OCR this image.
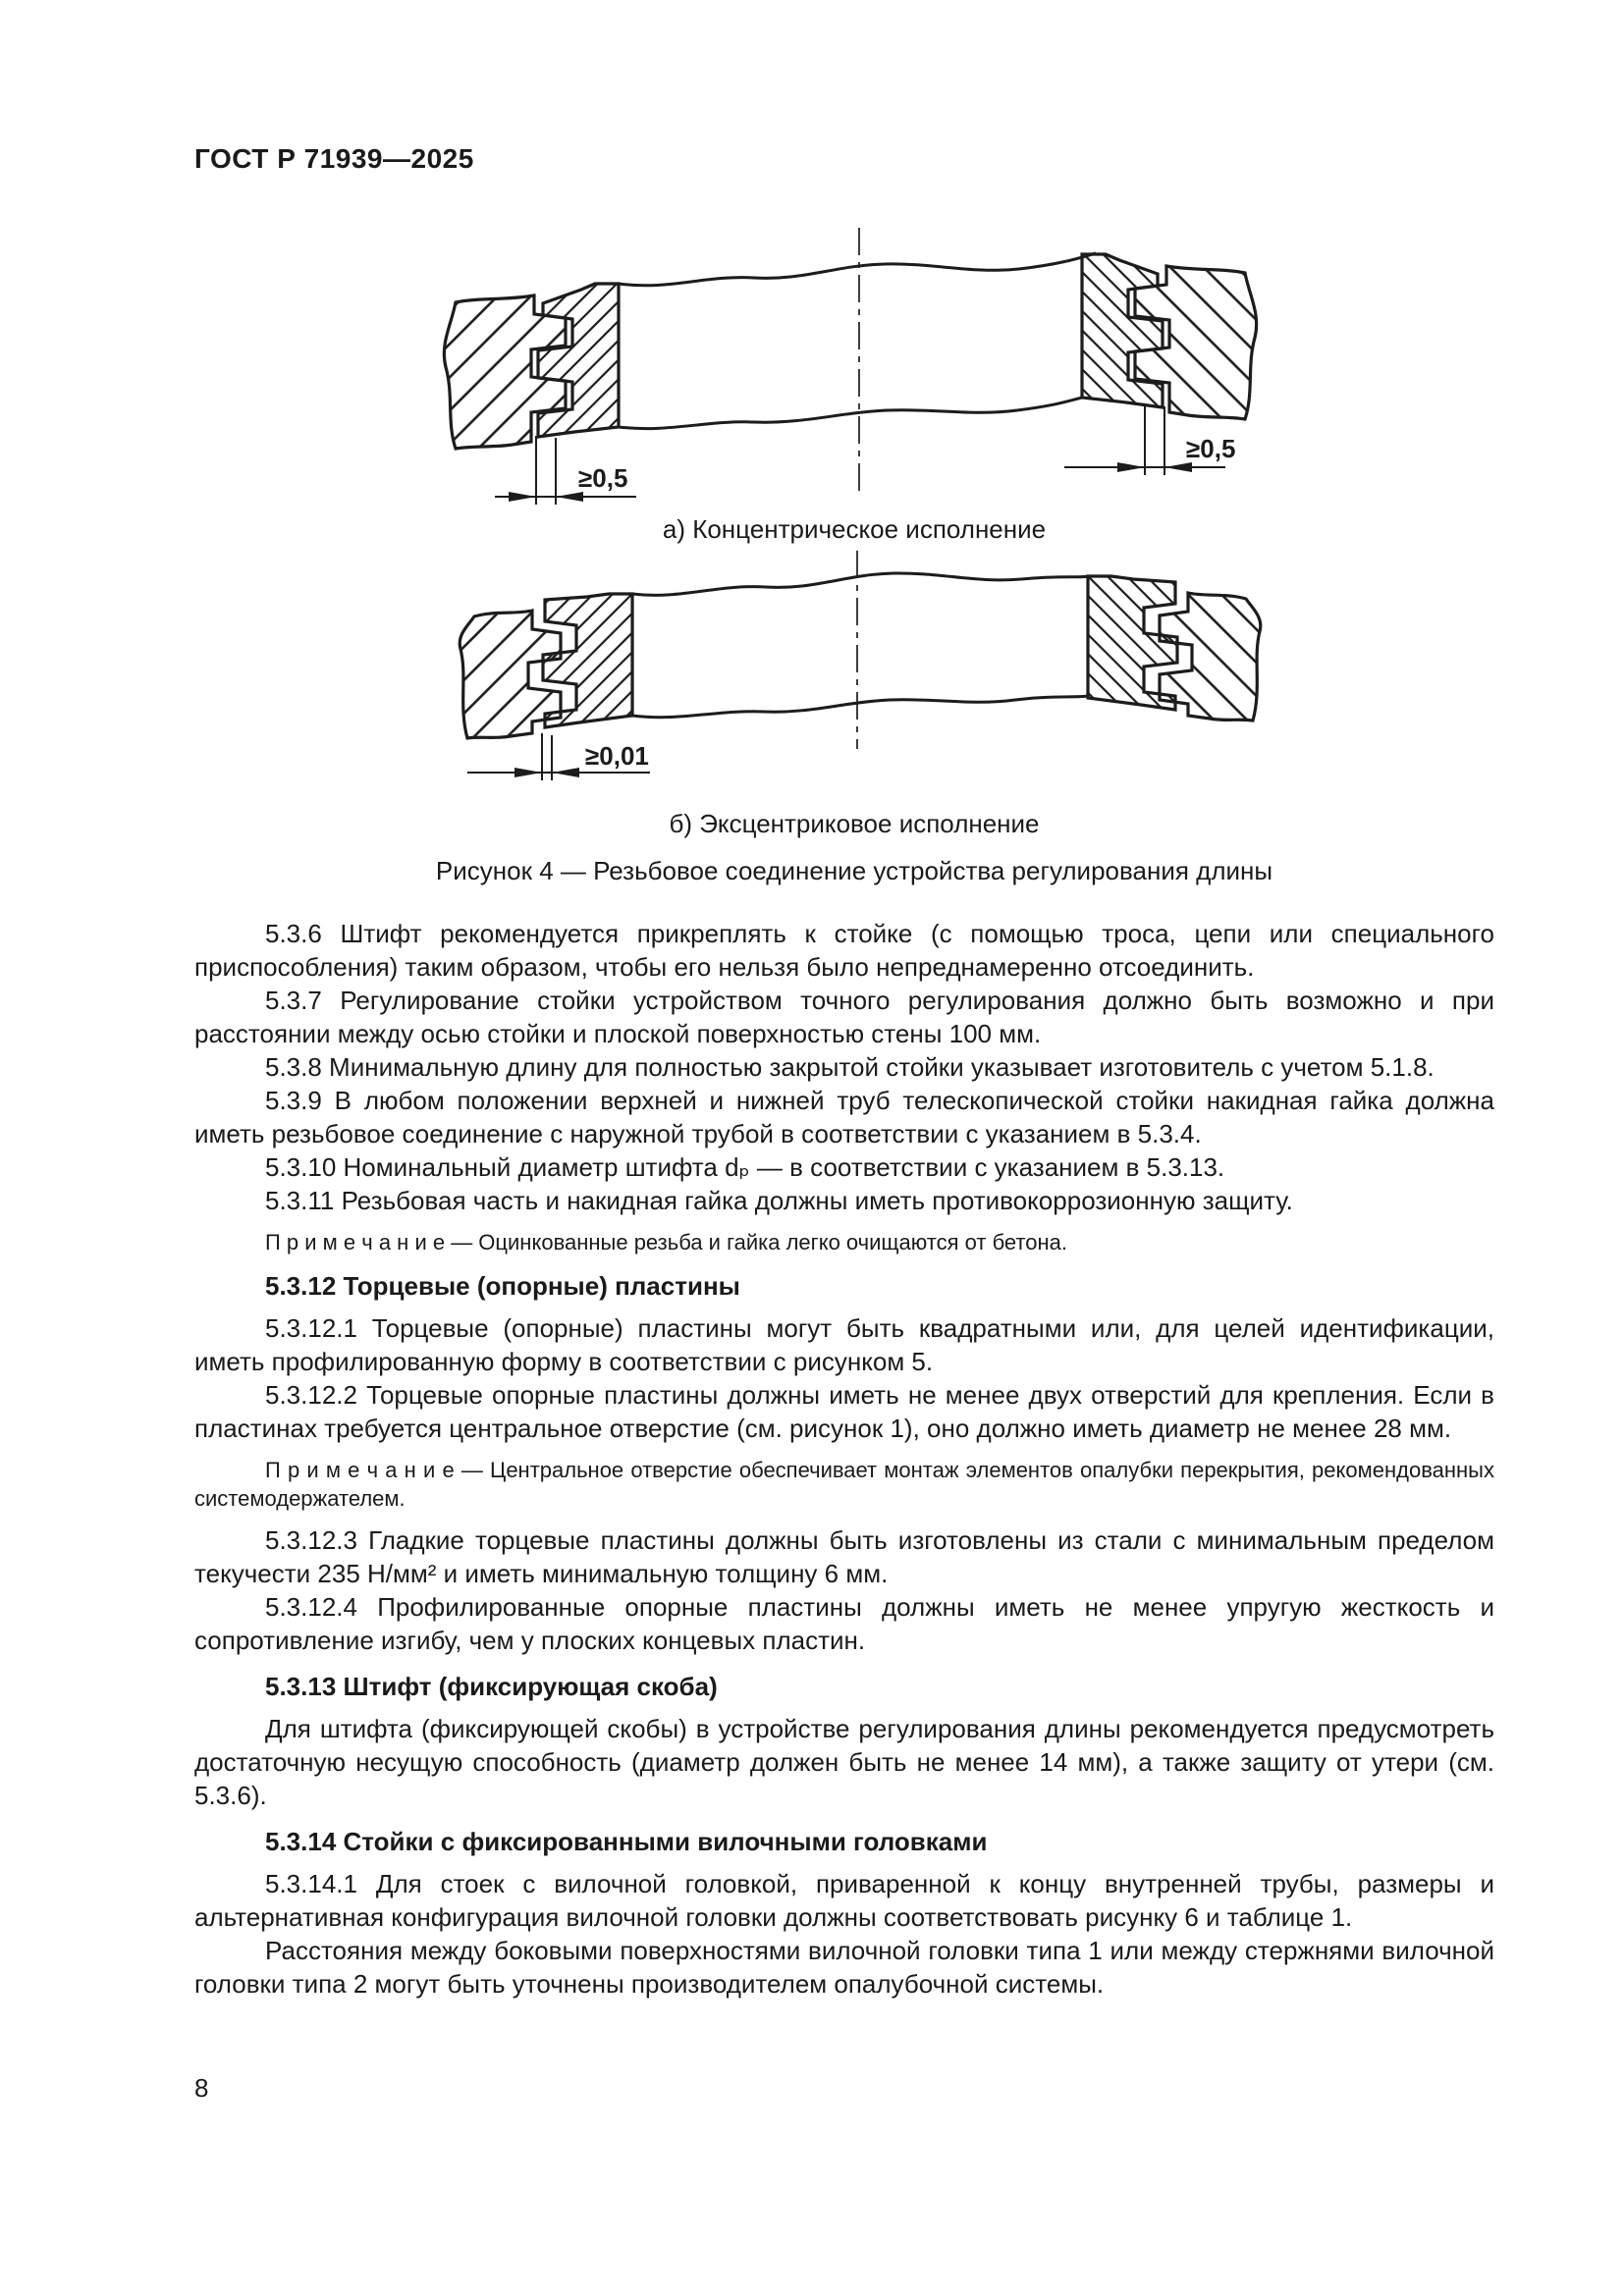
ГОСТ Р 71939—2025
≥0,5
≥0,5
≥0,01
а) Концентрическое исполнение
б) Эксцентриковое исполнение
Рисунок 4 — Резьбовое соединение устройства регулирования длины

5.3.6 Штифт рекомендуется прикреплять к стойке (с помощью троса, цепи или специального приспособления) таким образом, чтобы его нельзя было непреднамеренно отсоединить.

5.3.7 Регулирование стойки устройством точного регулирования должно быть возможно и при расстоянии между осью стойки и плоской поверхностью стены 100 мм.

5.3.8 Минимальную длину для полностью закрытой стойки указывает изготовитель с учетом 5.1.8.

5.3.9 В любом положении верхней и нижней труб телескопической стойки накидная гайка должна иметь резьбовое соединение с наружной трубой в соответствии с указанием в 5.3.4.

5.3.10 Номинальный диаметр штифта dₚ — в соответствии с указанием в 5.3.13.

5.3.11 Резьбовая часть и накидная гайка должны иметь противокоррозионную защиту.

П р и м е ч а н и е — Оцинкованные резьба и гайка легко очищаются от бетона.

5.3.12 Торцевые (опорные) пластины

5.3.12.1 Торцевые (опорные) пластины могут быть квадратными или, для целей идентификации, иметь профилированную форму в соответствии с рисунком 5.

5.3.12.2 Торцевые опорные пластины должны иметь не менее двух отверстий для крепления. Если в пластинах требуется центральное отверстие (см. рисунок 1), оно должно иметь диаметр не менее 28 мм.

П р и м е ч а н и е — Центральное отверстие обеспечивает монтаж элементов опалубки перекрытия, рекомендованных системодержателем.

5.3.12.3 Гладкие торцевые пластины должны быть изготовлены из стали с минимальным пределом текучести 235 Н/мм² и иметь минимальную толщину 6 мм.

5.3.12.4 Профилированные опорные пластины должны иметь не менее упругую жесткость и сопротивление изгибу, чем у плоских концевых пластин.

5.3.13 Штифт (фиксирующая скоба)

Для штифта (фиксирующей скобы) в устройстве регулирования длины рекомендуется предусмотреть достаточную несущую способность (диаметр должен быть не менее 14 мм), а также защиту от утери (см. 5.3.6).

5.3.14 Стойки с фиксированными вилочными головками

5.3.14.1 Для стоек с вилочной головкой, приваренной к концу внутренней трубы, размеры и альтернативная конфигурация вилочной головки должны соответствовать рисунку 6 и таблице 1.

Расстояния между боковыми поверхностями вилочной головки типа 1 или между стержнями вилочной головки типа 2 могут быть уточнены производителем опалубочной системы.

8
